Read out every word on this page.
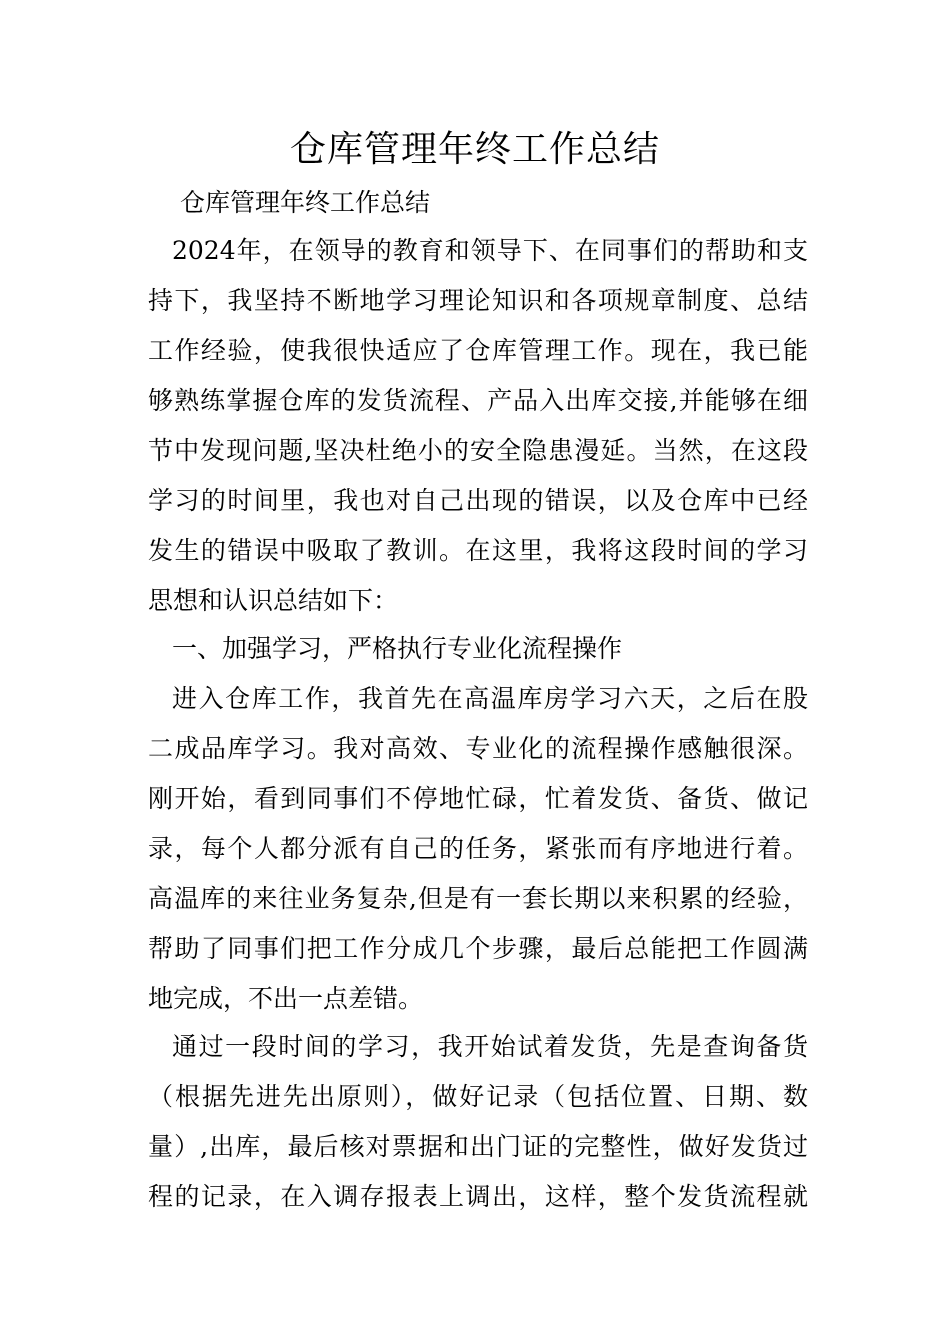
仓库管理年终工作总结

仓库管理年终工作总结

2024年，在领导的教育和领导下、在同事们的帮助和支

持下，我坚持不断地学习理论知识和各项规章制度、总结

工作经验，使我很快适应了仓库管理工作。现在，我已能

够熟练掌握仓库的发货流程、产品入出库交接,并能够在细

节中发现问题,坚决杜绝小的安全隐患漫延。当然，在这段

学习的时间里，我也对自己出现的错误，以及仓库中已经

发生的错误中吸取了教训。在这里，我将这段时间的学习

思想和认识总结如下：

一、加强学习，严格执行专业化流程操作

进入仓库工作，我首先在高温库房学习六天，之后在股

二成品库学习。我对高效、专业化的流程操作感触很深。

刚开始，看到同事们不停地忙碌，忙着发货、备货、做记

录，每个人都分派有自己的任务，紧张而有序地进行着。

高温库的来往业务复杂,但是有一套长期以来积累的经验，

帮助了同事们把工作分成几个步骤，最后总能把工作圆满

地完成，不出一点差错。

通过一段时间的学习，我开始试着发货，先是查询备货

（根据先进先出原则），做好记录（包括位置、日期、数

量）,出库，最后核对票据和出门证的完整性，做好发货过

程的记录，在入调存报表上调出，这样，整个发货流程就
